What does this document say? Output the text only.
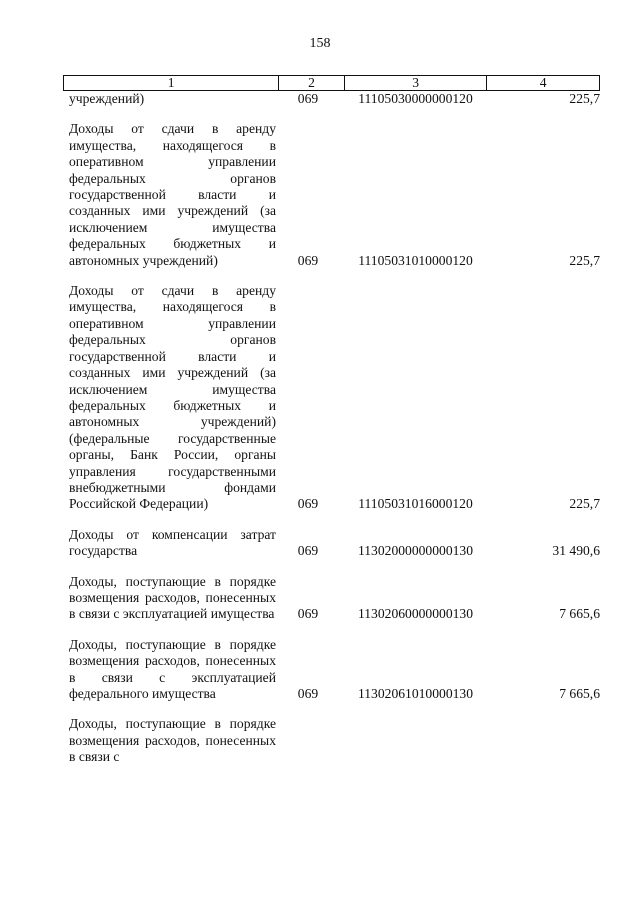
158
1	2	3	4
учреждений)	069	11105030000000120	225,7
Доходы от сдачи в аренду имущества, находящегося в оперативном управлении федеральных органов государственной власти и созданных ими учреждений (за исключением имущества федеральных бюджетных и автономных учреждений)	069	11105031010000120	225,7
Доходы от сдачи в аренду имущества, находящегося в оперативном управлении федеральных органов государственной власти и созданных ими учреждений (за исключением имущества федеральных бюджетных и автономных учреждений) (федеральные государственные органы, Банк России, органы управления государственными внебюджетными фондами Российской Федерации)	069	11105031016000120	225,7
Доходы от компенсации затрат государства	069	11302000000000130	31 490,6
Доходы, поступающие в порядке возмещения расходов, понесенных в связи с эксплуатацией имущества	069	11302060000000130	7 665,6
Доходы, поступающие в порядке возмещения расходов, понесенных в связи с эксплуатацией федерального имущества	069	11302061010000130	7 665,6
Доходы, поступающие в порядке возмещения расходов, понесенных в связи с
